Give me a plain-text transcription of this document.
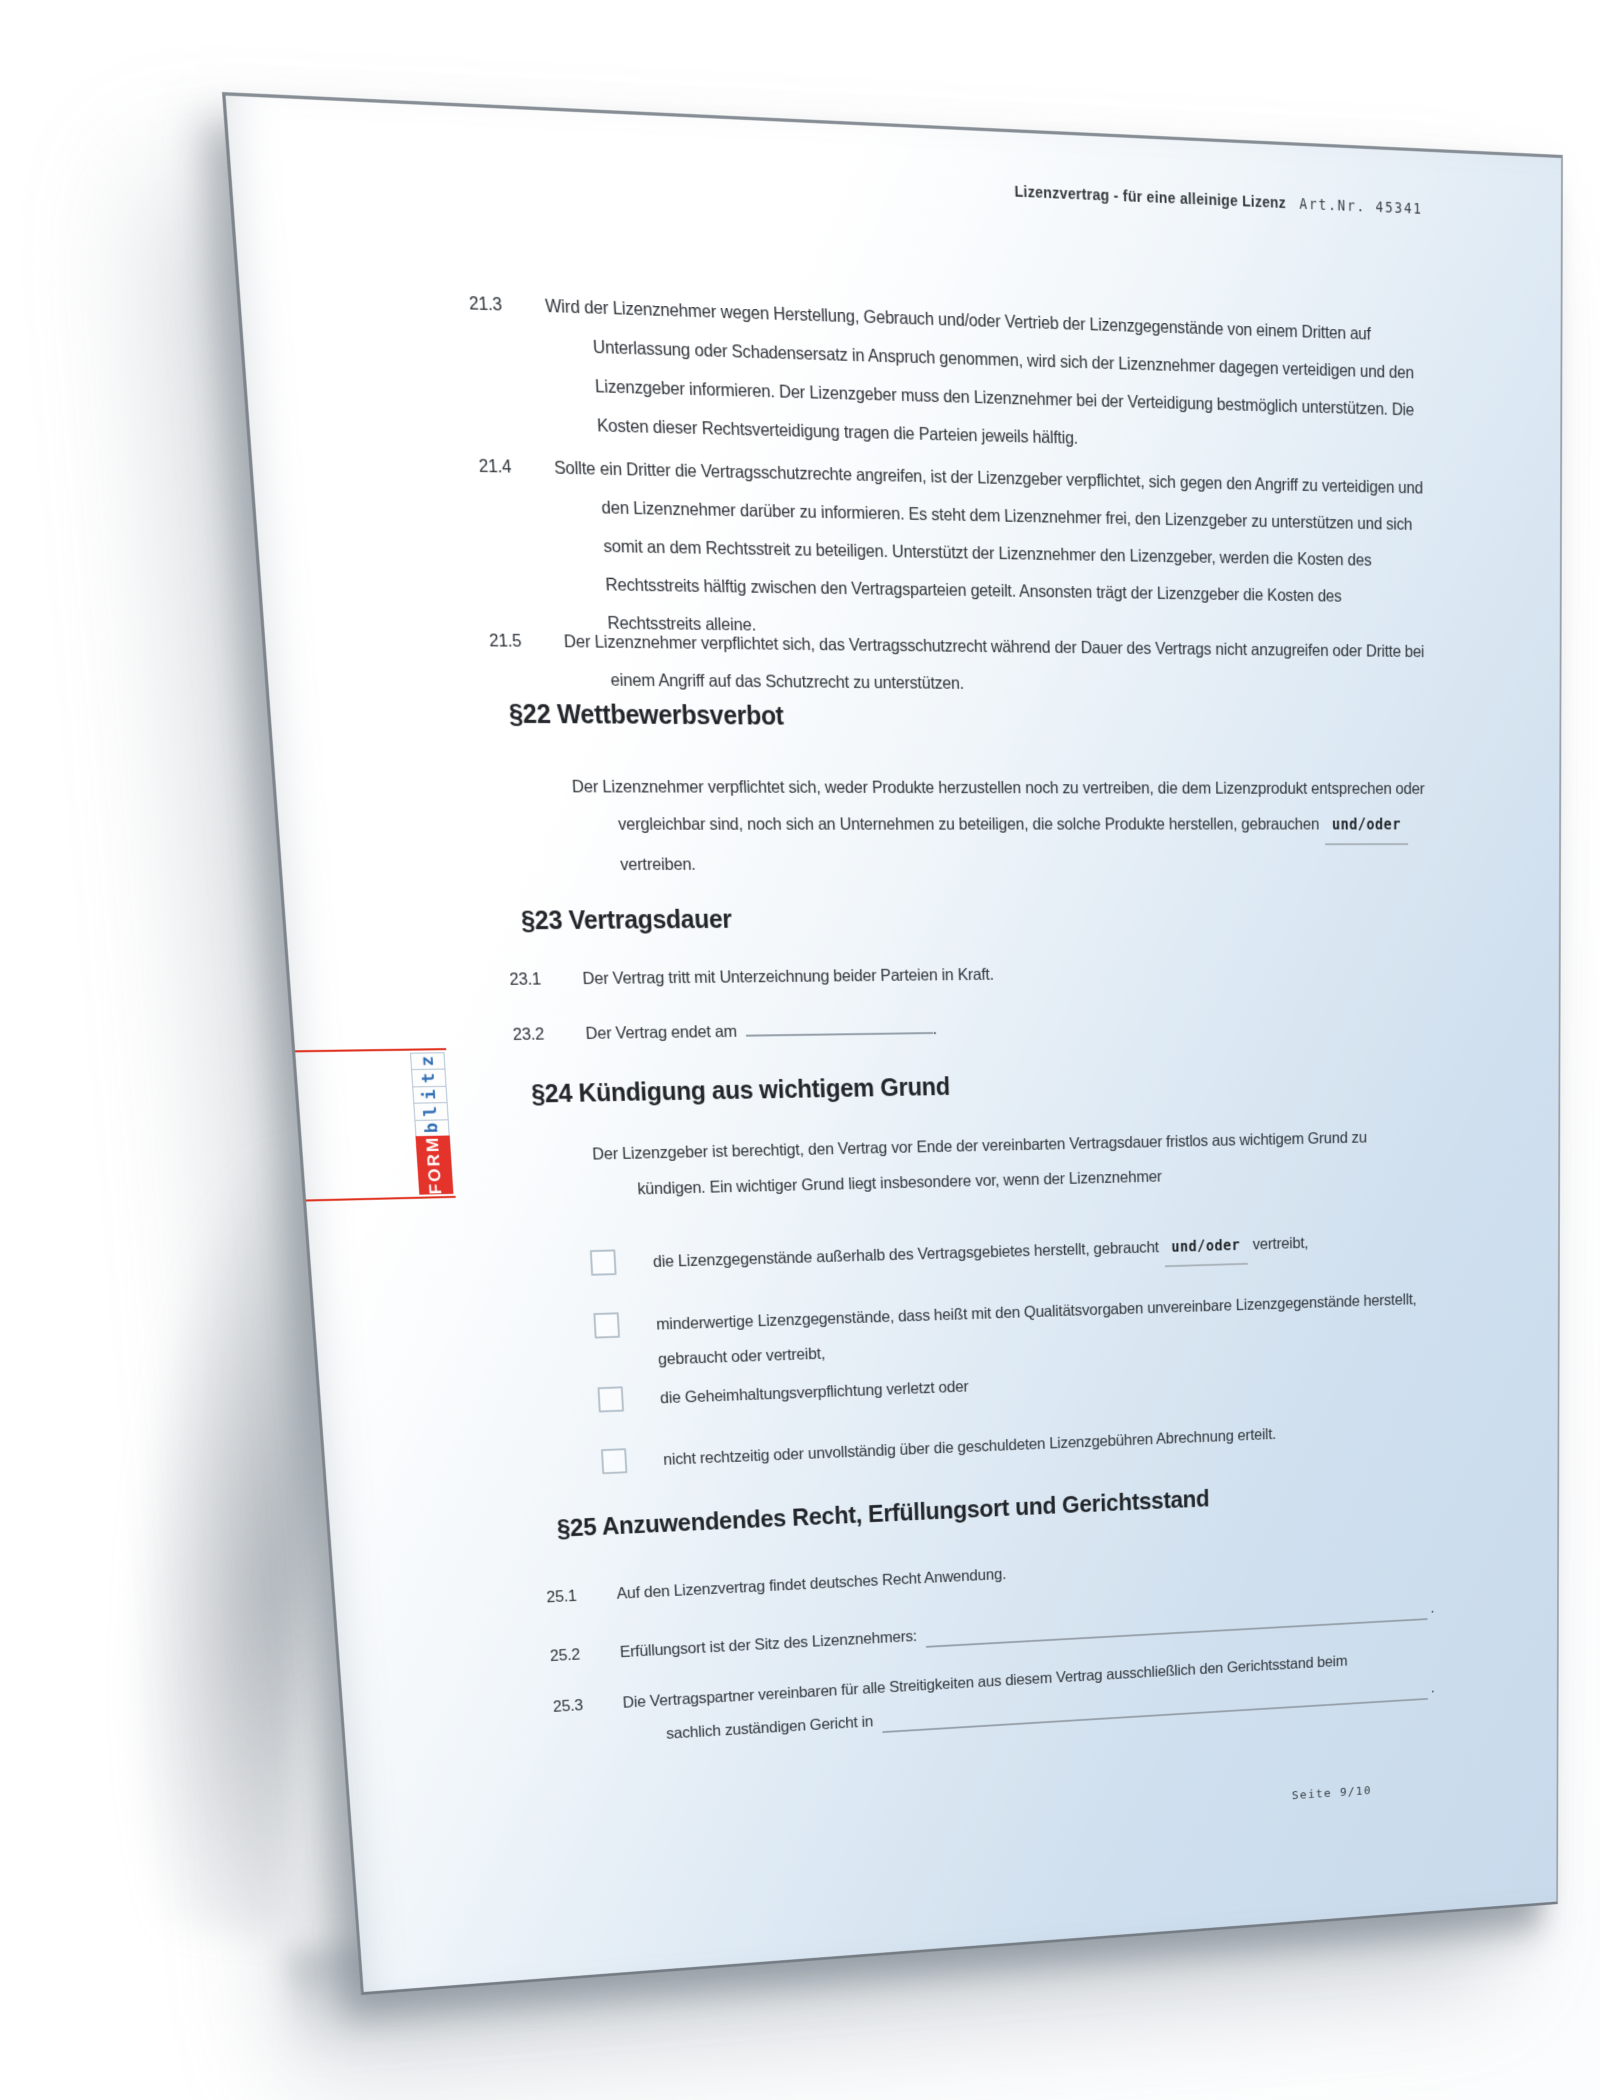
Lizenzvertrag - für eine alleinige Lizenz Art.Nr. 45341
21.3	Wird der Lizenznehmer wegen Herstellung, Gebrauch und/oder Vertrieb der Lizenzgegenstände von einem Dritten auf Unterlassung oder Schadensersatz in Anspruch genommen, wird sich der Lizenznehmer dagegen verteidigen und den Lizenzgeber informieren. Der Lizenzgeber muss den Lizenznehmer bei der Verteidigung bestmöglich unterstützen. Die Kosten dieser Rechtsverteidigung tragen die Parteien jeweils hälftig.
21.4	Sollte ein Dritter die Vertragsschutzrechte angreifen, ist der Lizenzgeber verpflichtet, sich gegen den Angriff zu verteidigen und den Lizenznehmer darüber zu informieren. Es steht dem Lizenznehmer frei, den Lizenzgeber zu unterstützen und sich somit an dem Rechtsstreit zu beteiligen. Unterstützt der Lizenznehmer den Lizenzgeber, werden die Kosten des Rechtsstreits hälftig zwischen den Vertragsparteien geteilt. Ansonsten trägt der Lizenzgeber die Kosten des Rechtsstreits alleine.
21.5	Der Lizenznehmer verpflichtet sich, das Vertragsschutzrecht während der Dauer des Vertrags nicht anzugreifen oder Dritte bei einem Angriff auf das Schutzrecht zu unterstützen.
§22 Wettbewerbsverbot
Der Lizenznehmer verpflichtet sich, weder Produkte herzustellen noch zu vertreiben, die dem Lizenzprodukt entsprechen oder vergleichbar sind, noch sich an Unternehmen zu beteiligen, die solche Produkte herstellen, gebrauchen und/odervertreiben.
§23 Vertragsdauer
23.1 Der Vertrag tritt mit Unterzeichnung beider Parteien in Kraft.
23.2 Der Vertrag endet am	.
§24 Kündigung aus wichtigem Grund
Der Lizenzgeber ist berechtigt, den Vertrag vor Ende der vereinbarten Vertragsdauer fristlos aus wichtigem Grund zu kündigen. Ein wichtiger Grund liegt insbesondere vor, wenn der Lizenznehmer
die Lizenzgegenstände außerhalb des Vertragsgebietes herstellt, gebraucht und/oder vertreibt,
minderwertige Lizenzgegenstände, dass heißt mit den Qualitätsvorgaben unvereinbare Lizenzgegenstände herstellt, gebraucht oder vertreibt,
die Geheimhaltungsverpflichtung verletzt oder
nicht rechtzeitig oder unvollständig über die geschuldeten Lizenzgebühren Abrechnung erteilt.
§25 Anzuwendendes Recht, Erfüllungsort und Gerichtsstand
25.1 Auf den Lizenzvertrag findet deutsches Recht Anwendung.
25.2 Erfüllungsort ist der Sitz des Lizenznehmers:
.
25.3 Die Vertragspartner vereinbaren für alle Streitigkeiten aus diesem Vertrag ausschließlich den Gerichtsstand beim
sachlich zuständigen Gericht in
.
Seite 9/10
FORM
b
l
i
t
z
